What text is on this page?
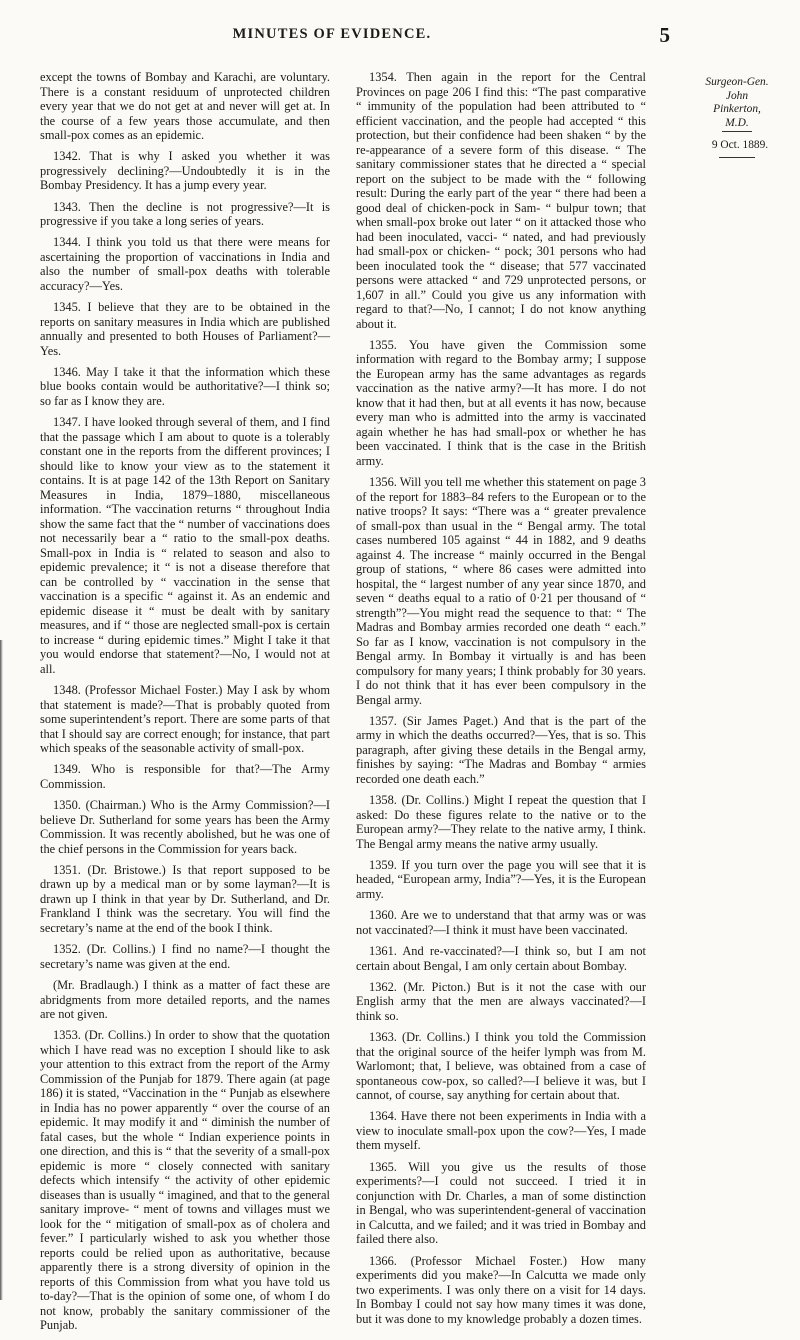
MINUTES OF EVIDENCE.	5

except the towns of Bombay and Karachi, are voluntary. There is a constant residuum of unprotected children every year that we do not get at and never will get at. In the course of a few years those accumulate, and then small-pox comes as an epidemic.

1342. That is why I asked you whether it was progressively declining?—Undoubtedly it is in the Bombay Presidency. It has a jump every year.

1343. Then the decline is not progressive?—It is progressive if you take a long series of years.

1344. I think you told us that there were means for ascertaining the proportion of vaccinations in India and also the number of small-pox deaths with tolerable accuracy?—Yes.

1345. I believe that they are to be obtained in the reports on sanitary measures in India which are published annually and presented to both Houses of Parliament?—Yes.

1346. May I take it that the information which these blue books contain would be authoritative?—I think so; so far as I know they are.

1347. I have looked through several of them, and I find that the passage which I am about to quote is a tolerably constant one in the reports from the different provinces; I should like to know your view as to the statement it contains. It is at page 142 of the 13th Report on Sanitary Measures in India, 1879–1880, miscellaneous information. “The vaccination returns “ throughout India show the same fact that the “ number of vaccinations does not necessarily bear a “ ratio to the small-pox deaths. Small-pox in India is “ related to season and also to epidemic prevalence; it “ is not a disease therefore that can be controlled by “ vaccination in the sense that vaccination is a specific “ against it. As an endemic and epidemic disease it “ must be dealt with by sanitary measures, and if “ those are neglected small-pox is certain to increase “ during epidemic times.” Might I take it that you would endorse that statement?—No, I would not at all.

1348. (Professor Michael Foster.) May I ask by whom that statement is made?—That is probably quoted from some superintendent’s report. There are some parts of that that I should say are correct enough; for instance, that part which speaks of the seasonable activity of small-pox.

1349. Who is responsible for that?—The Army Commission.

1350. (Chairman.) Who is the Army Commission?—I believe Dr. Sutherland for some years has been the Army Commission. It was recently abolished, but he was one of the chief persons in the Commission for years back.

1351. (Dr. Bristowe.) Is that report supposed to be drawn up by a medical man or by some layman?—It is drawn up I think in that year by Dr. Sutherland, and Dr. Frankland I think was the secretary. You will find the secretary’s name at the end of the book I think.

1352. (Dr. Collins.) I find no name?—I thought the secretary’s name was given at the end.

(Mr. Bradlaugh.) I think as a matter of fact these are abridgments from more detailed reports, and the names are not given.

1353. (Dr. Collins.) In order to show that the quotation which I have read was no exception I should like to ask your attention to this extract from the report of the Army Commission of the Punjab for 1879. There again (at page 186) it is stated, “Vaccination in the “ Punjab as elsewhere in India has no power apparently “ over the course of an epidemic. It may modify it and “ diminish the number of fatal cases, but the whole “ Indian experience points in one direction, and this is “ that the severity of a small-pox epidemic is more “ closely connected with sanitary defects which intensify “ the activity of other epidemic diseases than is usually “ imagined, and that to the general sanitary improve- “ ment of towns and villages must we look for the “ mitigation of small-pox as of cholera and fever.” I particularly wished to ask you whether those reports could be relied upon as authoritative, because apparently there is a strong diversity of opinion in the reports of this Commission from what you have told us to-day?—That is the opinion of some one, of whom I do not know, probably the sanitary commissioner of the Punjab.

1354. Then again in the report for the Central Provinces on page 206 I find this: “The past comparative “ immunity of the population had been attributed to “ efficient vaccination, and the people had accepted “ this protection, but their confidence had been shaken “ by the re-appearance of a severe form of this disease. “ The sanitary commissioner states that he directed a “ special report on the subject to be made with the “ following result: During the early part of the year “ there had been a good deal of chicken-pock in Sam- “ bulpur town; that when small-pox broke out later “ on it attacked those who had been inoculated, vacci- “ nated, and had previously had small-pox or chicken- “ pock; 301 persons who had been inoculated took the “ disease; that 577 vaccinated persons were attacked “ and 729 unprotected persons, or 1,607 in all.” Could you give us any information with regard to that?—No, I cannot; I do not know anything about it.

1355. You have given the Commission some information with regard to the Bombay army; I suppose the European army has the same advantages as regards vaccination as the native army?—It has more. I do not know that it had then, but at all events it has now, because every man who is admitted into the army is vaccinated again whether he has had small-pox or whether he has been vaccinated. I think that is the case in the British army.

1356. Will you tell me whether this statement on page 3 of the report for 1883–84 refers to the European or to the native troops? It says: “There was a “ greater prevalence of small-pox than usual in the “ Bengal army. The total cases numbered 105 against “ 44 in 1882, and 9 deaths against 4. The increase “ mainly occurred in the Bengal group of stations, “ where 86 cases were admitted into hospital, the “ largest number of any year since 1870, and seven “ deaths equal to a ratio of 0·21 per thousand of “ strength”?—You might read the sequence to that: “ The Madras and Bombay armies recorded one death “ each.” So far as I know, vaccination is not compulsory in the Bengal army. In Bombay it virtually is and has been compulsory for many years; I think probably for 30 years. I do not think that it has ever been compulsory in the Bengal army.

1357. (Sir James Paget.) And that is the part of the army in which the deaths occurred?—Yes, that is so. This paragraph, after giving these details in the Bengal army, finishes by saying: “The Madras and Bombay “ armies recorded one death each.”

1358. (Dr. Collins.) Might I repeat the question that I asked: Do these figures relate to the native or to the European army?—They relate to the native army, I think. The Bengal army means the native army usually.

1359. If you turn over the page you will see that it is headed, “European army, India”?—Yes, it is the European army.

1360. Are we to understand that that army was or was not vaccinated?—I think it must have been vaccinated.

1361. And re-vaccinated?—I think so, but I am not certain about Bengal, I am only certain about Bombay.

1362. (Mr. Picton.) But is it not the case with our English army that the men are always vaccinated?—I think so.

1363. (Dr. Collins.) I think you told the Commission that the original source of the heifer lymph was from M. Warlomont; that, I believe, was obtained from a case of spontaneous cow-pox, so called?—I believe it was, but I cannot, of course, say anything for certain about that.

1364. Have there not been experiments in India with a view to inoculate small-pox upon the cow?—Yes, I made them myself.

1365. Will you give us the results of those experiments?—I could not succeed. I tried it in conjunction with Dr. Charles, a man of some distinction in Bengal, who was superintendent-general of vaccination in Calcutta, and we failed; and it was tried in Bombay and failed there also.

1366. (Professor Michael Foster.) How many experiments did you make?—In Calcutta we made only two experiments. I was only there on a visit for 14 days. In Bombay I could not say how many times it was done, but it was done to my knowledge probably a dozen times.

Surgeon-Gen.
John
Pinkerton,
M.D.
9 Oct. 1889.
